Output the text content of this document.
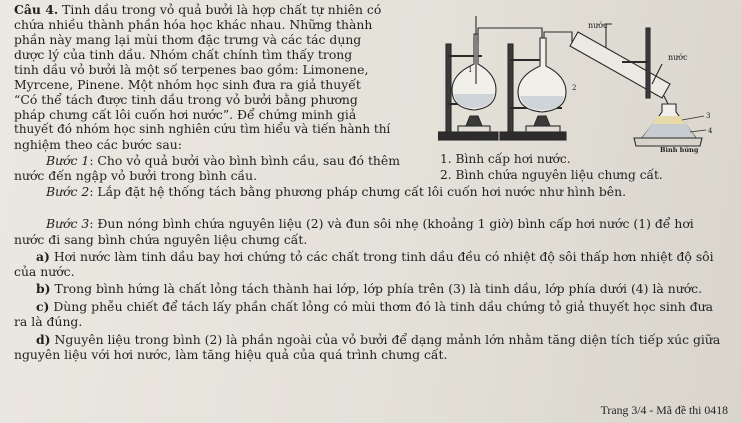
Câu 4. Tinh dầu trong vỏ quả bưởi là hợp chất tự nhiên có
chứa nhiều thành phần hóa học khác nhau. Những thành
phần này mang lại mùi thơm đặc trưng và các tác dụng
dược lý của tinh dầu. Nhóm chất chính tìm thấy trong
tinh dầu vỏ bưởi là một số terpenes bao gồm: Limonene,
Myrcene, Pinene. Một nhóm học sinh đưa ra giả thuyết
“Có thể tách được tinh dầu trong vỏ bưởi bằng phương
pháp chưng cất lôi cuốn hơi nước”. Để chứng minh giả
thuyết đó nhóm học sinh nghiên cứu tìm hiểu và tiến hành thí
nghiệm theo các bước sau:
Bước 1: Cho vỏ quả bưởi vào bình bình cầu, sau đó thêm
nước đến ngập vỏ bưởi trong bình cầu.
Bước 2: Lắp đặt hệ thống tách bằng phương pháp chưng cất lôi cuốn hơi nước như hình bên.
Bước 3: Đun nóng bình chứa nguyên liệu (2) và đun sôi nhẹ (khoảng 1 giờ) bình cấp hơi nước (1) để hơi
nước đi sang bình chứa nguyên liệu chưng cất.
a) Hơi nước làm tinh dầu bay hơi chứng tỏ các chất trong tinh dầu đều có nhiệt độ sôi thấp hơn nhiệt độ sôi
của nước.
b) Trong bình hứng là chất lỏng tách thành hai lớp, lớp phía trên (3) là tinh dầu, lớp phía dưới (4) là nước.
c) Dùng phễu chiết để tách lấy phần chất lỏng có mùi thơm đó là tinh dầu chứng tỏ giả thuyết học sinh đưa
ra là đúng.
d) Nguyên liệu trong bình (2) là phần ngoài của vỏ bưởi để dạng mảnh lớn nhằm tăng diện tích tiếp xúc giữa
nguyên liệu với hơi nước, làm tăng hiệu quả của quá trình chưng cất.
nước
nước
Bình hứng
1
2
3
4
1. Bình cấp hơi nước.
2. Bình chứa nguyên liệu chưng cất.
Trang 3/4 - Mã đề thi 0418
